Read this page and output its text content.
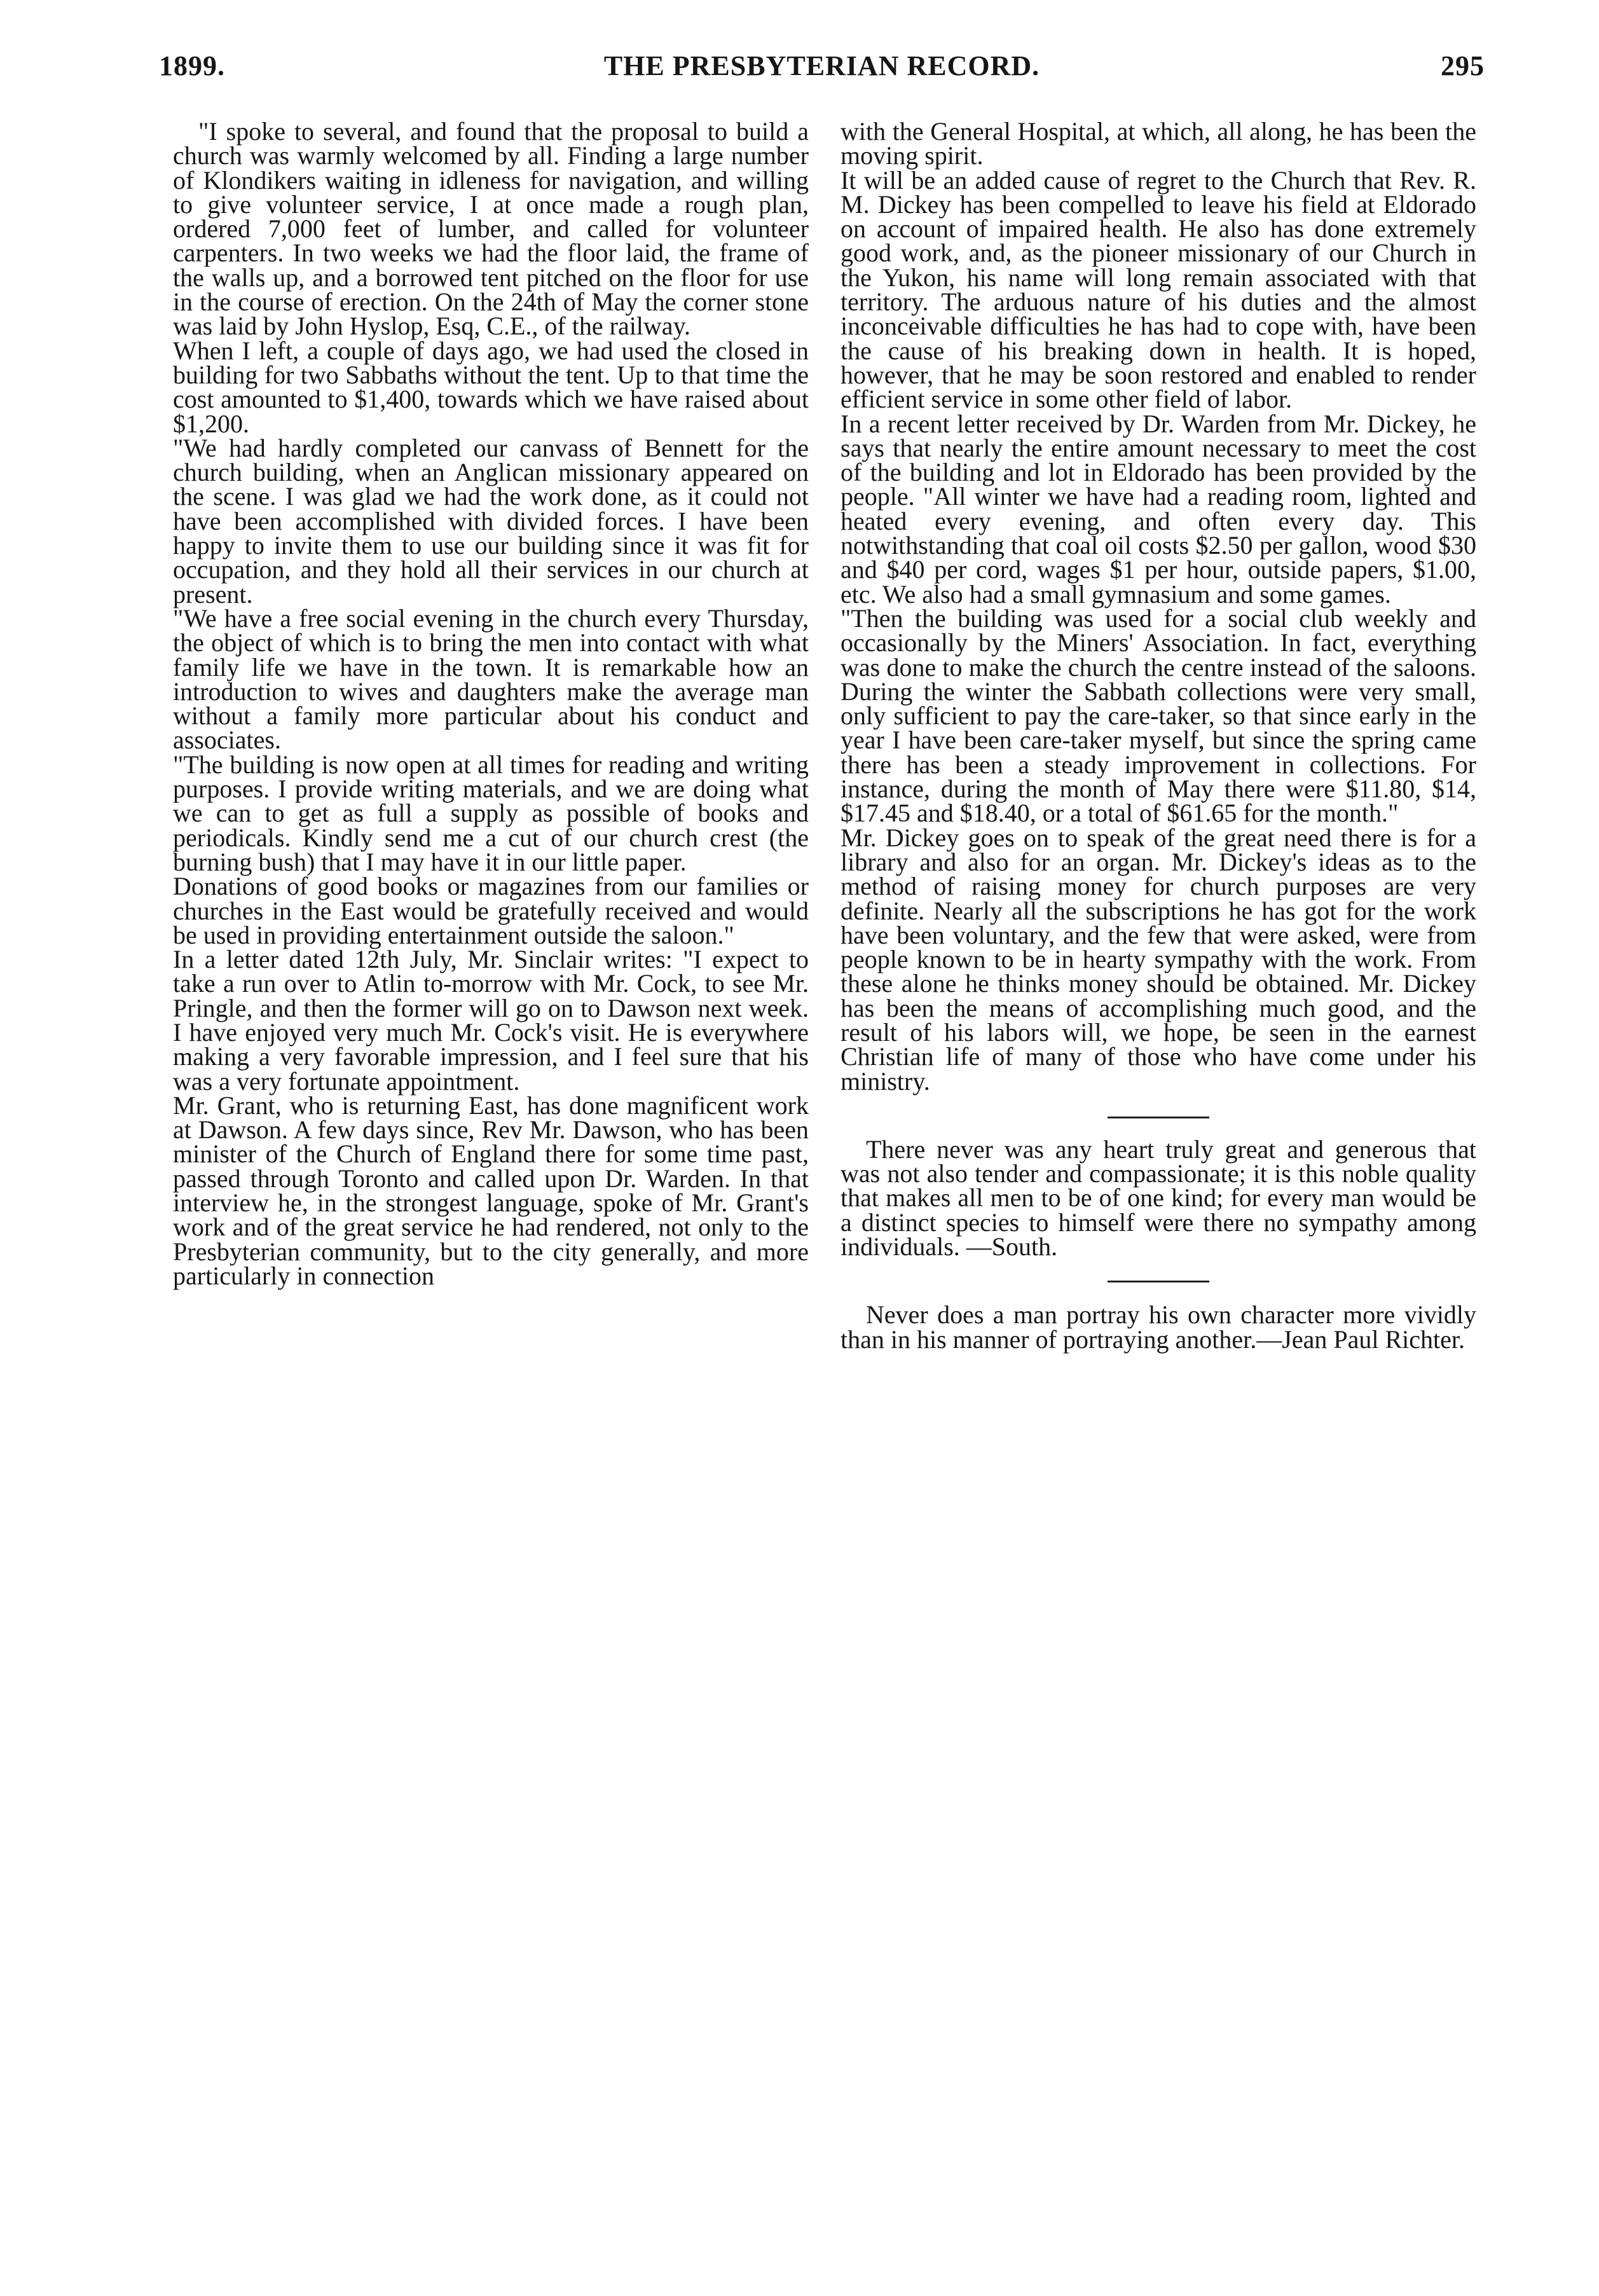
1899.	THE PRESBYTERIAN RECORD.	295

"I spoke to several, and found that the proposal to build a church was warmly welcomed by all. Finding a large number of Klondikers waiting in idleness for navigation, and willing to give volunteer service, I at once made a rough plan, ordered 7,000 feet of lumber, and called for volunteer carpenters. In two weeks we had the floor laid, the frame of the walls up, and a borrowed tent pitched on the floor for use in the course of erection. On the 24th of May the corner stone was laid by John Hyslop, Esq, C.E., of the railway.

When I left, a couple of days ago, we had used the closed in building for two Sabbaths without the tent. Up to that time the cost amounted to $1,400, towards which we have raised about $1,200.

"We had hardly completed our canvass of Bennett for the church building, when an Anglican missionary appeared on the scene. I was glad we had the work done, as it could not have been accomplished with divided forces. I have been happy to invite them to use our building since it was fit for occupation, and they hold all their services in our church at present.

"We have a free social evening in the church every Thursday, the object of which is to bring the men into contact with what family life we have in the town. It is remarkable how an introduction to wives and daughters make the average man without a family more particular about his conduct and associates.

"The building is now open at all times for reading and writing purposes. I provide writing materials, and we are doing what we can to get as full a supply as possible of books and periodicals. Kindly send me a cut of our church crest (the burning bush) that I may have it in our little paper.

Donations of good books or magazines from our families or churches in the East would be gratefully received and would be used in providing entertainment outside the saloon."

In a letter dated 12th July, Mr. Sinclair writes: "I expect to take a run over to Atlin to-morrow with Mr. Cock, to see Mr. Pringle, and then the former will go on to Dawson next week. I have enjoyed very much Mr. Cock's visit. He is everywhere making a very favorable impression, and I feel sure that his was a very fortunate appointment.

Mr. Grant, who is returning East, has done magnificent work at Dawson. A few days since, Rev Mr. Dawson, who has been minister of the Church of England there for some time past, passed through Toronto and called upon Dr. Warden. In that interview he, in the strongest language, spoke of Mr. Grant's work and of the great service he had rendered, not only to the Presbyterian community, but to the city generally, and more particularly in connection

with the General Hospital, at which, all along, he has been the moving spirit.

It will be an added cause of regret to the Church that Rev. R. M. Dickey has been compelled to leave his field at Eldorado on account of impaired health. He also has done extremely good work, and, as the pioneer missionary of our Church in the Yukon, his name will long remain associated with that territory. The arduous nature of his duties and the almost inconceivable difficulties he has had to cope with, have been the cause of his breaking down in health. It is hoped, however, that he may be soon restored and enabled to render efficient service in some other field of labor.

In a recent letter received by Dr. Warden from Mr. Dickey, he says that nearly the entire amount necessary to meet the cost of the building and lot in Eldorado has been provided by the people. "All winter we have had a reading room, lighted and heated every evening, and often every day. This notwithstanding that coal oil costs $2.50 per gallon, wood $30 and $40 per cord, wages $1 per hour, outside papers, $1.00, etc. We also had a small gymnasium and some games.

"Then the building was used for a social club weekly and occasionally by the Miners' Association. In fact, everything was done to make the church the centre instead of the saloons. During the winter the Sabbath collections were very small, only sufficient to pay the care-taker, so that since early in the year I have been care-taker myself, but since the spring came there has been a steady improvement in collections. For instance, during the month of May there were $11.80, $14, $17.45 and $18.40, or a total of $61.65 for the month."

Mr. Dickey goes on to speak of the great need there is for a library and also for an organ. Mr. Dickey's ideas as to the method of raising money for church purposes are very definite. Nearly all the subscriptions he has got for the work have been voluntary, and the few that were asked, were from people known to be in hearty sympathy with the work. From these alone he thinks money should be obtained. Mr. Dickey has been the means of accomplishing much good, and the result of his labors will, we hope, be seen in the earnest Christian life of many of those who have come under his ministry.

There never was any heart truly great and generous that was not also tender and compassionate; it is this noble quality that makes all men to be of one kind; for every man would be a distinct species to himself were there no sympathy among individuals. —South.

Never does a man portray his own character more vividly than in his manner of portraying another.—Jean Paul Richter.
